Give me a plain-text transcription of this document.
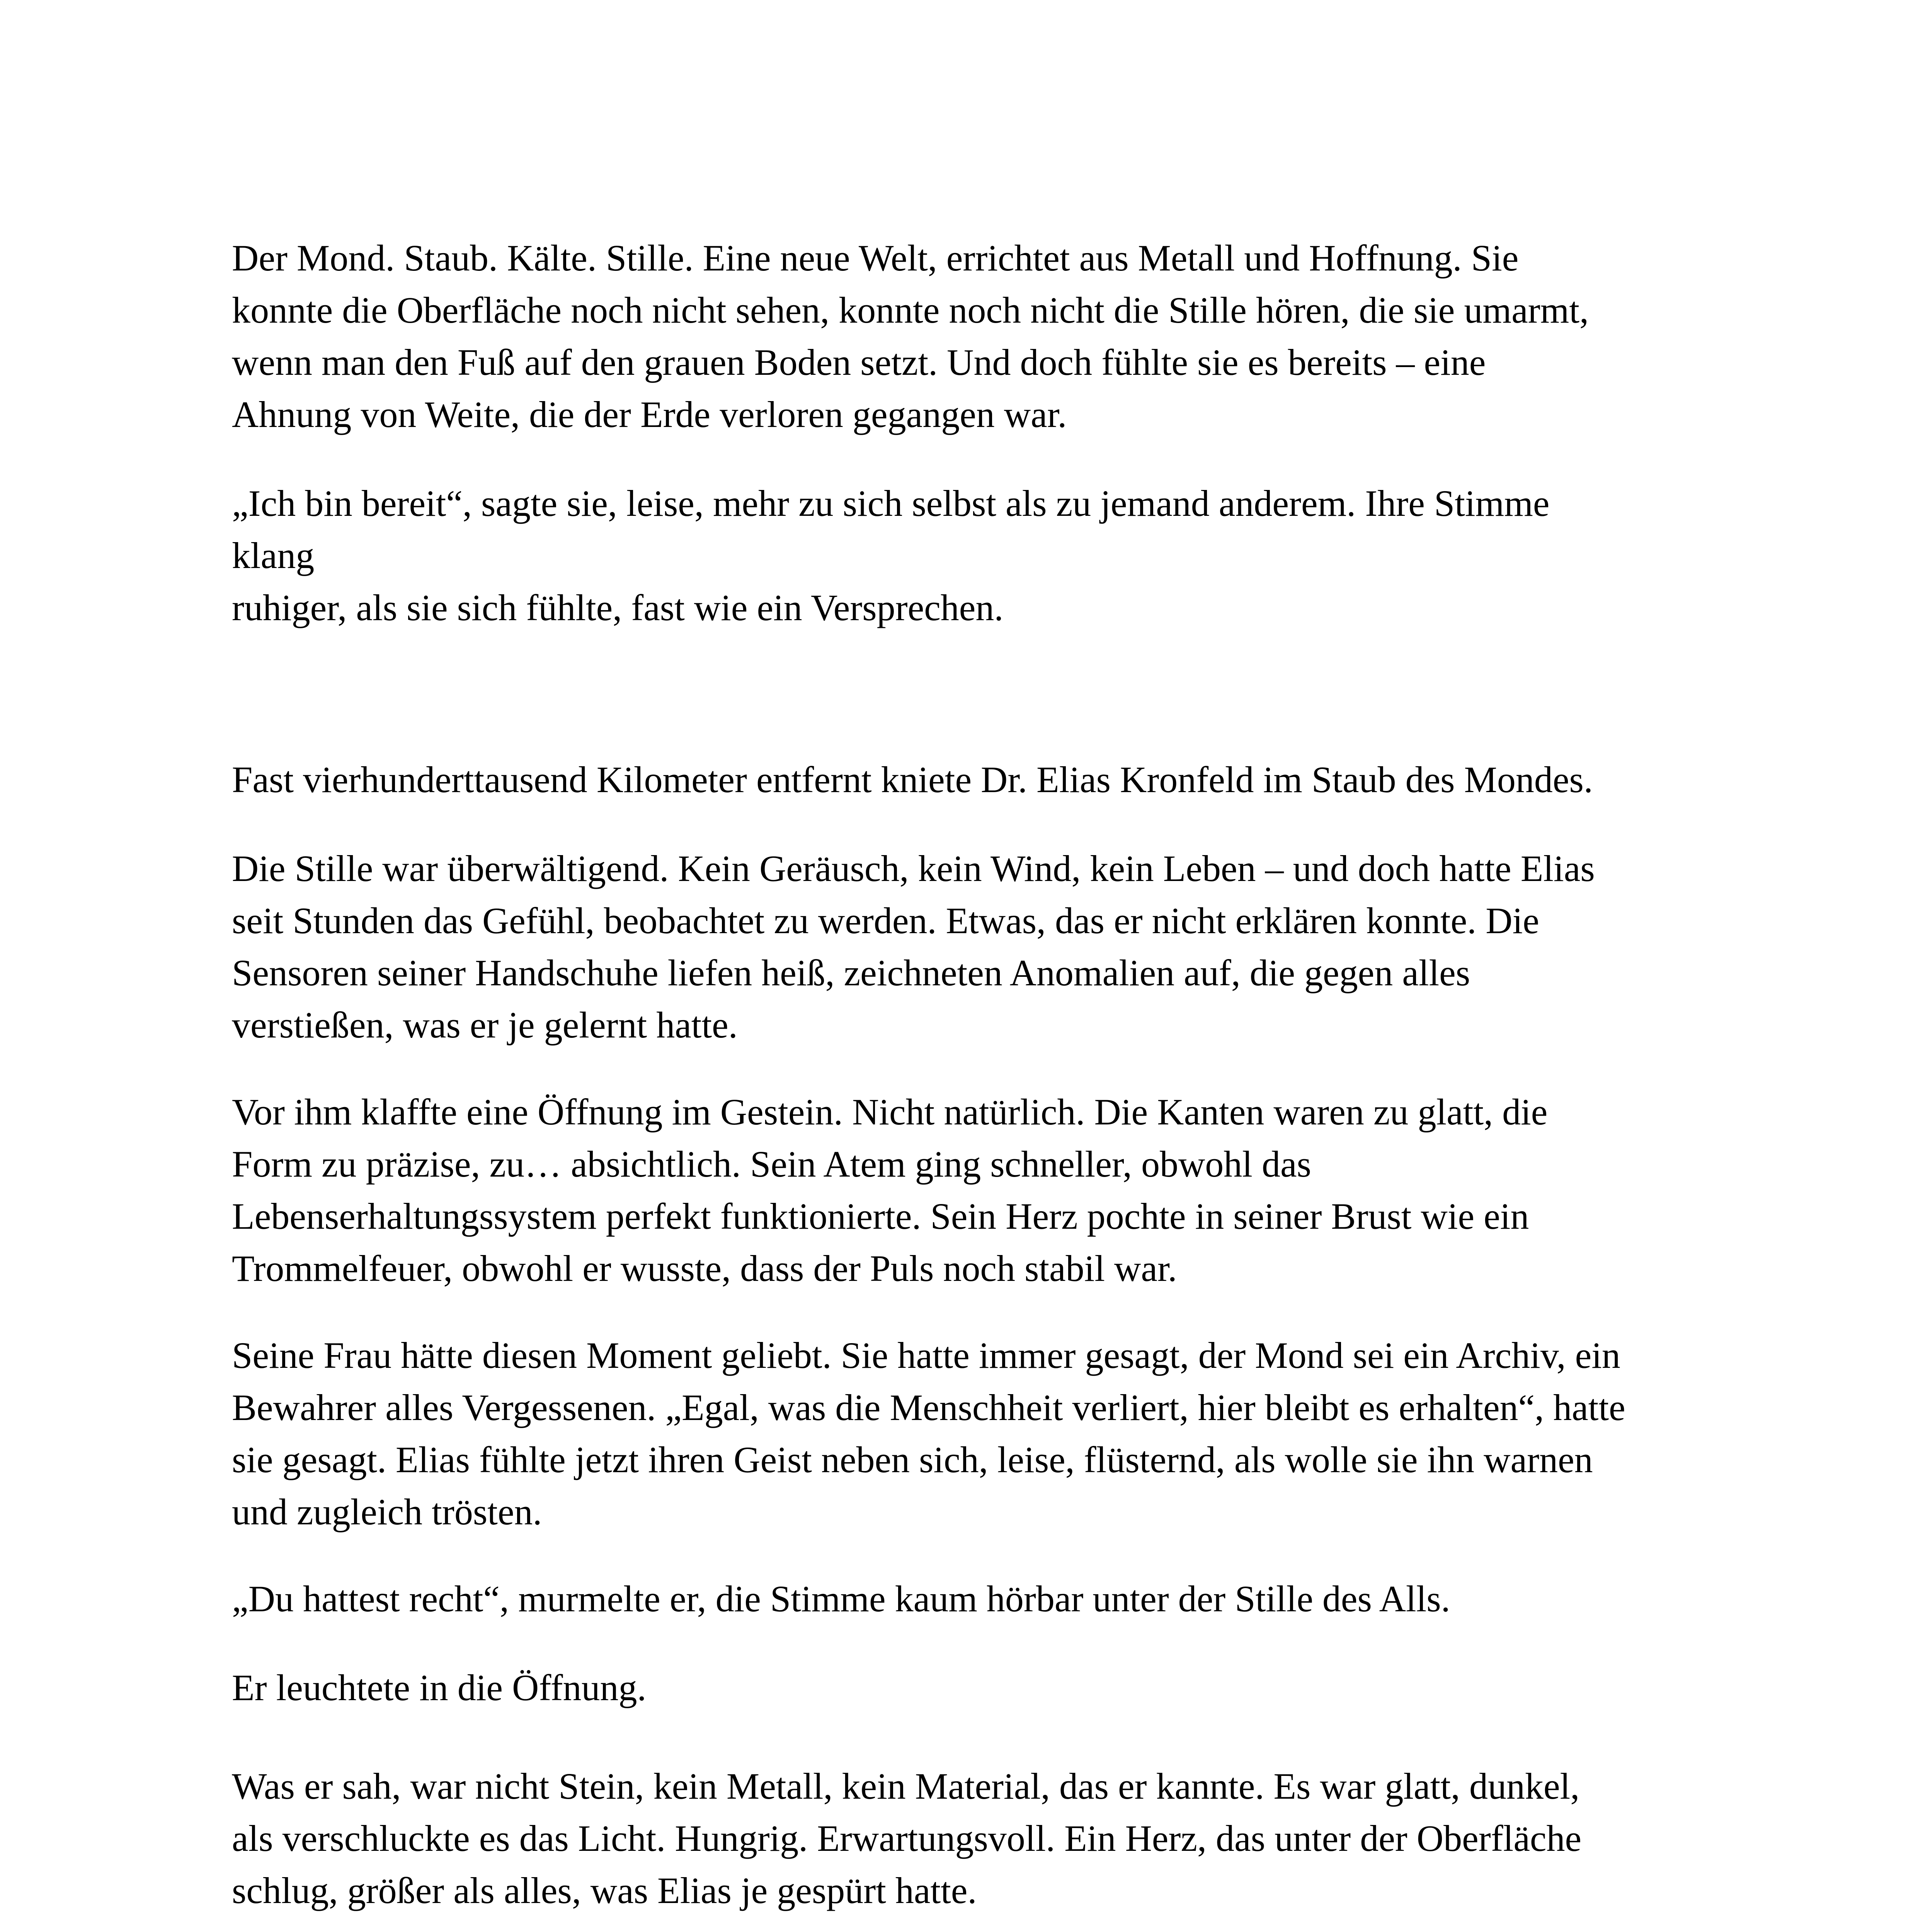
Der Mond. Staub. Kälte. Stille. Eine neue Welt, errichtet aus Metall und Hoffnung. Sie
konnte die Oberfläche noch nicht sehen, konnte noch nicht die Stille hören, die sie umarmt,
wenn man den Fuß auf den grauen Boden setzt. Und doch fühlte sie es bereits – eine
Ahnung von Weite, die der Erde verloren gegangen war.

„Ich bin bereit“, sagte sie, leise, mehr zu sich selbst als zu jemand anderem. Ihre Stimme
klang
ruhiger, als sie sich fühlte, fast wie ein Versprechen.

Fast vierhunderttausend Kilometer entfernt kniete Dr. Elias Kronfeld im Staub des Mondes.

Die Stille war überwältigend. Kein Geräusch, kein Wind, kein Leben – und doch hatte Elias
seit Stunden das Gefühl, beobachtet zu werden. Etwas, das er nicht erklären konnte. Die
Sensoren seiner Handschuhe liefen heiß, zeichneten Anomalien auf, die gegen alles
verstießen, was er je gelernt hatte.

Vor ihm klaffte eine Öffnung im Gestein. Nicht natürlich. Die Kanten waren zu glatt, die
Form zu präzise, zu… absichtlich. Sein Atem ging schneller, obwohl das
Lebenserhaltungssystem perfekt funktionierte. Sein Herz pochte in seiner Brust wie ein
Trommelfeuer, obwohl er wusste, dass der Puls noch stabil war.

Seine Frau hätte diesen Moment geliebt. Sie hatte immer gesagt, der Mond sei ein Archiv, ein
Bewahrer alles Vergessenen. „Egal, was die Menschheit verliert, hier bleibt es erhalten“, hatte
sie gesagt. Elias fühlte jetzt ihren Geist neben sich, leise, flüsternd, als wolle sie ihn warnen
und zugleich trösten.

„Du hattest recht“, murmelte er, die Stimme kaum hörbar unter der Stille des Alls.

Er leuchtete in die Öffnung.

Was er sah, war nicht Stein, kein Metall, kein Material, das er kannte. Es war glatt, dunkel,
als verschluckte es das Licht. Hungrig. Erwartungsvoll. Ein Herz, das unter der Oberfläche
schlug, größer als alles, was Elias je gespürt hatte.
